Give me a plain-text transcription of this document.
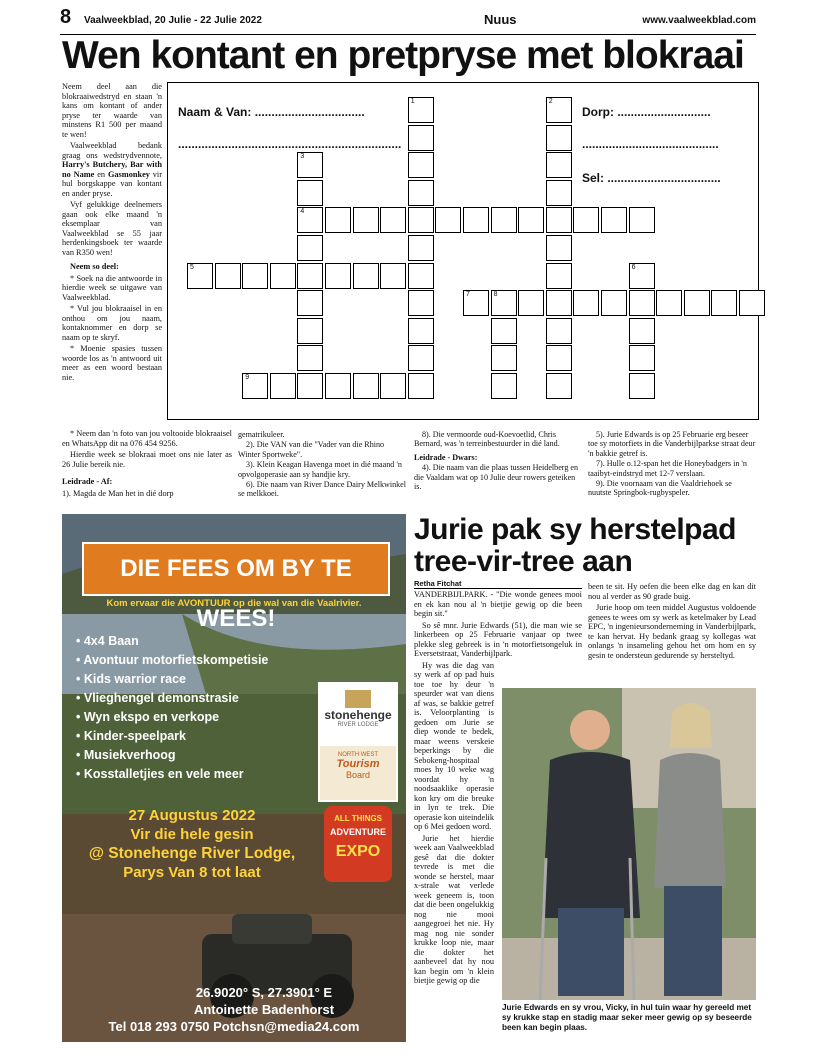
8 Vaalweekblad, 20 Julie - 22 Julie 2022	Nuus	www.vaalweekblad.com
Wen kontant en pretpryse met blokraai

Neem deel aan die blokraaiwedstryd en staan 'n kans om kontant of ander pryse ter waarde van minstens R1 500 per maand te wen!

Vaalweekblad bedank graag ons wedstrydvennote, Harry's Butchery, Bar with no Name en Gasmonkey vir hul borgskappe van kontant en ander pryse.

Vyf gelukkige deelnemers gaan ook elke maand 'n eksemplaar van Vaalweekblad se 55 jaar herdenkingsboek ter waarde van R350 wen!

Neem so deel:

* Soek na die antwoorde in hierdie week se uitgawe van Vaalweekblad.

* Vul jou blokraaisel in en onthou om jou naam, kontaknommer en dorp se naam op te skryf.

* Moenie spasies tussen woorde los as 'n antwoord uit meer as een woord bestaan nie.

* Neem dan 'n foto van jou voltooide blokraaisel en WhatsApp dit na 076 454 9256.

Hierdie week se blokraai moet ons nie later as 26 Julie bereik nie.

Leidrade - Af:

1). Magda de Man het in dié dorp

Naam & Van: .................................
...................................................................
Dorp: ............................
.........................................
Sel: ..................................
1	2
3
4
5	6
7	8
9

gematrikuleer.

2). Die VAN van die "Vader van die Rhino Winter Sportweke".

3). Klein Keagan Havenga moet in dié maand 'n opvolgoperasie aan sy handjie kry.

6). Die naam van River Dance Dairy Melkwinkel se melkkoei.

8). Die vermoorde oud-Koevoetlid, Chris Bernard, was 'n terreinbestuurder in dié land.

Leidrade - Dwars:

4). Die naam van die plaas tussen Heidelberg en die Vaaldam wat op 10 Julie deur rowers geteiken is.

5). Jurie Edwards is op 25 Februarie erg beseer toe sy motorfiets in die Vanderbijlparkse straat deur 'n bakkie getref is.

7). Hulle o.12-span het die Honeybadgers in 'n taaibyt-eindstryd met 12-7 verslaan.

9). Die voornaam van die Vaaldriehoek se nuutste Springbok-rugbyspeler.

DIE FEES OM BY TE WEES!
Kom ervaar die AVONTUUR op die wal van die Vaalrivier.
• 4x4 Baan
• Avontuur motorfietskompetisie
• Kids warrior race
• Vlieghengel demonstrasie
• Wyn ekspo en verkope
• Kinder-speelpark
• Musiekverhoog
• Kosstalletjies en vele meer
stonehenge
RIVER LODGE
NORTH WEST
Tourism
Board
ALL THINGS
ADVENTURE
EXPO
27 Augustus 2022
Vir die hele gesin
@ Stonehenge River Lodge,
Parys Van 8 tot laat
26.9020° S, 27.3901° E
Antoinette Badenhorst
Tel 018 293 0750 Potchsn@media24.com
Jurie pak sy herstelpad
tree-vir-tree aan
Retha Fitchat

VANDERBIJLPARK. - "Die wonde genees mooi en ek kan nou al 'n bietjie gewig op die been begin sit."

So sê mnr. Jurie Edwards (51), die man wie se linkerbeen op 25 Februarie vanjaar op twee plekke sleg gebreek is in 'n motorfietsongeluk in Eversetstraat, Vanderbijlpark.

Hy was die dag van sy werk af op pad huis toe toe hy deur 'n speurder wat van diens af was, se bakkie getref is. Veloorplanting is gedoen om Jurie se diep wonde te bedek, maar weens verskeie beperkings by die Sebokeng-hospitaal moes hy 10 weke wag voordat hy 'n noodsaaklike operasie kon kry om die breuke in lyn te trek. Die operasie kon uiteindelik op 6 Mei gedoen word.

Jurie het hierdie week aan Vaalweekblad gesê dat die dokter tevrede is met die wonde se herstel, maar x-strale wat verlede week geneem is, toon dat die been ongelukkig nog nie mooi aangegroei het nie. Hy mag nog nie sonder krukke loop nie, maar die dokter het aanbeveel dat hy nou kan begin om 'n klein bietjie gewig op die

been te sit. Hy oefen die been elke dag en kan dit nou al verder as 90 grade buig.

Jurie hoop om teen middel Augustus voldoende genees te wees om sy werk as ketelmaker by Lead EPC, 'n ingenieursonderneming in Vanderbijlpark, te kan hervat. Hy bedank graag sy kollegas wat onlangs 'n insameling gehou het om hom en sy gesin te ondersteun gedurende sy hersteltyd.

Jurie Edwards en sy vrou, Vicky, in hul tuin waar hy gereeld met sy krukke stap en stadig maar seker meer gewig op sy beseerde been kan begin plaas.
